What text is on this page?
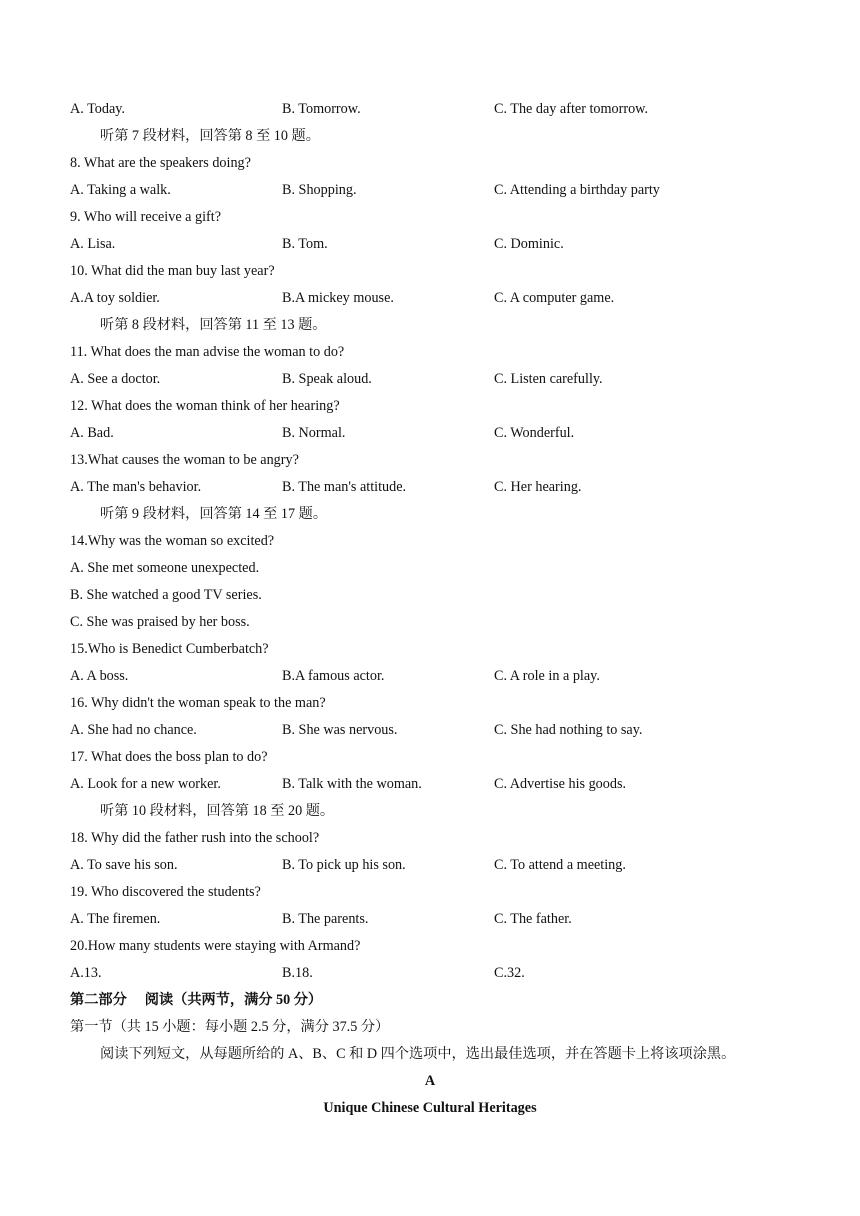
A. Today.	B. Tomorrow.	C. The day after tomorrow.
听第 7 段材料，回答第 8 至 10 题。
8. What are the speakers doing?
A. Taking a walk.	B. Shopping.	C. Attending a birthday party
9. Who will receive a gift?
A. Lisa.	B. Tom.	C. Dominic.
10. What did the man buy last year?
A.A toy soldier.	B.A mickey mouse.	C. A computer game.
听第 8 段材料，回答第 11 至 13 题。
11. What does the man advise the woman to do?
A. See a doctor.	B. Speak aloud.	C. Listen carefully.
12. What does the woman think of her hearing?
A. Bad.	B. Normal.	C. Wonderful.
13.What causes the woman to be angry?
A. The man's behavior.	B. The man's attitude.	C. Her hearing.
听第 9 段材料，回答第 14 至 17 题。
14.Why was the woman so excited?
A. She met someone unexpected.
B. She watched a good TV series.
C. She was praised by her boss.
15.Who is Benedict Cumberbatch?
A. A boss.	B.A famous actor.	C. A role in a play.
16. Why didn't the woman speak to the man?
A. She had no chance.	B. She was nervous.	C. She had nothing to say.
17. What does the boss plan to do?
A. Look for a new worker.	B. Talk with the woman.	C. Advertise his goods.
听第 10 段材料，回答第 18 至 20 题。
18. Why did the father rush into the school?
A. To save his son.	B. To pick up his son.	C. To attend a meeting.
19. Who discovered the students?
A. The firemen.	B. The parents.	C. The father.
20.How many students were staying with Armand?
A.13.	B.18.	C.32.
第二部分 阅读（共两节，满分 50 分）
第一节（共 15 小题：每小题 2.5 分，满分 37.5 分）
阅读下列短文，从每题所给的 A、B、C 和 D 四个选项中，选出最佳选项，并在答题卡上将该项涂黑。
A
Unique Chinese Cultural Heritages
